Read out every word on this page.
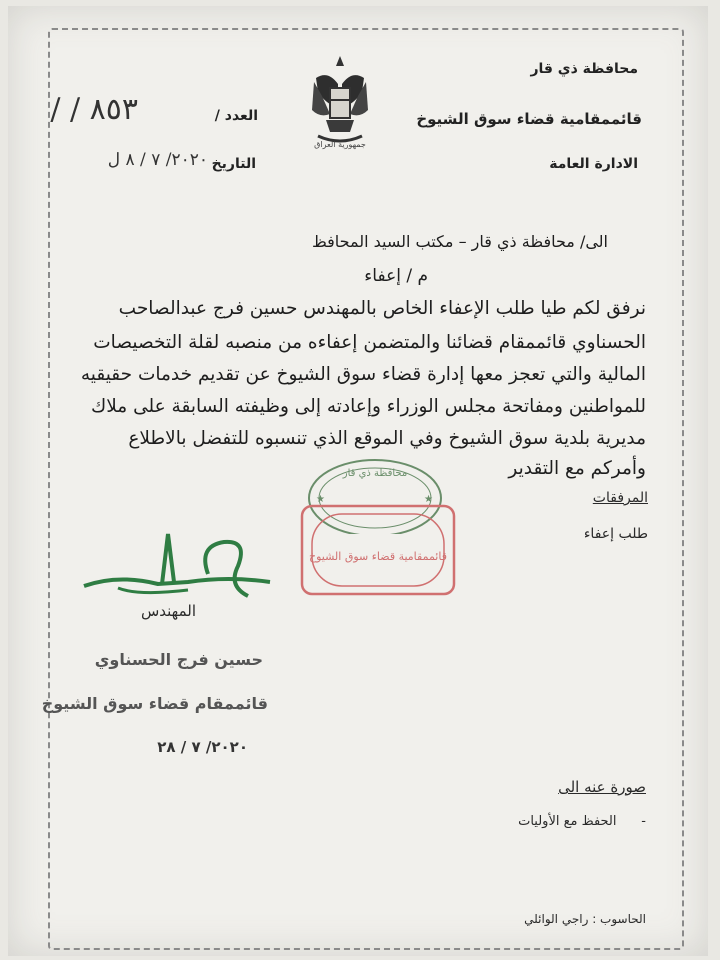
محافظة ذي قار
قائممقامية قضاء سوق الشيوخ
الادارة العامة
العدد /
٨٥٣ / /
التاريخ
٢٠٢٠/ ٧ / ٨ ل
جمهورية العراق
الى/ محافظة ذي قار – مكتب السيد المحافظ
م / إعفاء
نرفق لكم طيا طلب الإعفاء الخاص بالمهندس حسين فرج عبدالصاحب
الحسناوي قائممقام قضائنا والمتضمن إعفاءه من منصبه لقلة التخصيصات
المالية والتي تعجز معها إدارة قضاء سوق الشيوخ عن تقديم خدمات حقيقيه
للمواطنين ومفاتحة مجلس الوزراء وإعادته إلى وظيفته السابقة على ملاك
مديرية بلدية سوق الشيوخ وفي الموقع الذي تنسبوه للتفضل بالاطلاع
وأمركم مع التقدير
المرفقات
طلب إعفاء
محافظة ذي قار
★	★
قائممقامية قضاء سوق الشيوخ
المهندس
حسين فرج الحسناوي
قائممقام قضاء سوق الشيوخ
٢٠٢٠/ ٧ / ٢٨
صورة عنه الى
-      الحفظ مع الأوليات
الحاسوب : راجي الوائلي
